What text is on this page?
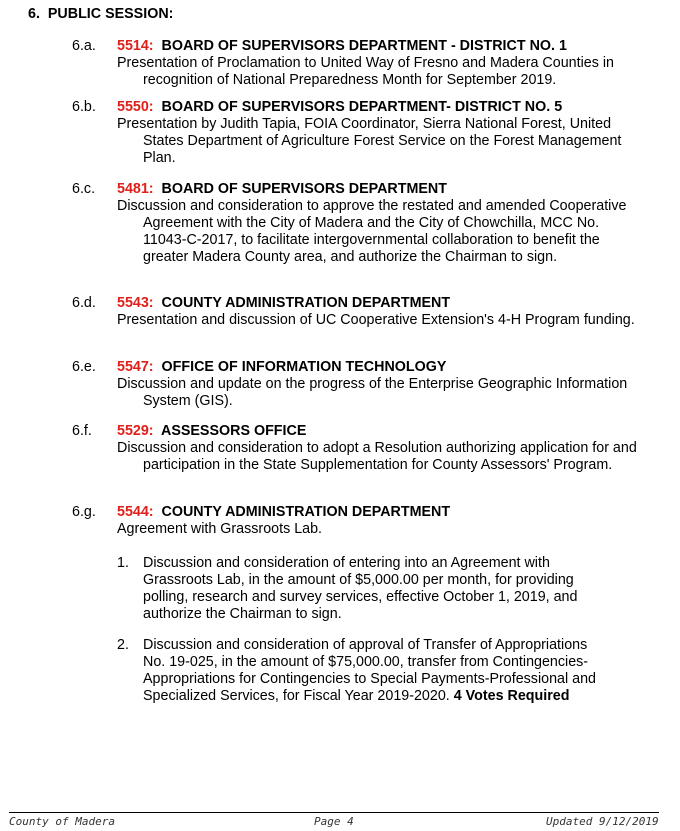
6. PUBLIC SESSION:
6.a. 5514: BOARD OF SUPERVISORS DEPARTMENT - DISTRICT NO. 1
Presentation of Proclamation to United Way of Fresno and Madera Counties in recognition of National Preparedness Month for September 2019.
6.b. 5550: BOARD OF SUPERVISORS DEPARTMENT- DISTRICT NO. 5
Presentation by Judith Tapia, FOIA Coordinator, Sierra National Forest, United States Department of Agriculture Forest Service on the Forest Management Plan.
6.c. 5481: BOARD OF SUPERVISORS DEPARTMENT
Discussion and consideration to approve the restated and amended Cooperative Agreement with the City of Madera and the City of Chowchilla, MCC No. 11043-C-2017, to facilitate intergovernmental collaboration to benefit the greater Madera County area, and authorize the Chairman to sign.
6.d. 5543: COUNTY ADMINISTRATION DEPARTMENT
Presentation and discussion of UC Cooperative Extension's 4-H Program funding.
6.e. 5547: OFFICE OF INFORMATION TECHNOLOGY
Discussion and update on the progress of the Enterprise Geographic Information System (GIS).
6.f. 5529: ASSESSORS OFFICE
Discussion and consideration to adopt a Resolution authorizing application for and participation in the State Supplementation for County Assessors' Program.
6.g. 5544: COUNTY ADMINISTRATION DEPARTMENT
Agreement with Grassroots Lab.
1. Discussion and consideration of entering into an Agreement with Grassroots Lab, in the amount of $5,000.00 per month, for providing polling, research and survey services, effective October 1, 2019, and authorize the Chairman to sign.
2. Discussion and consideration of approval of Transfer of Appropriations No. 19-025, in the amount of $75,000.00, transfer from Contingencies-Appropriations for Contingencies to Special Payments-Professional and Specialized Services, for Fiscal Year 2019-2020. 4 Votes Required
County of Madera	Page 4	Updated 9/12/2019
